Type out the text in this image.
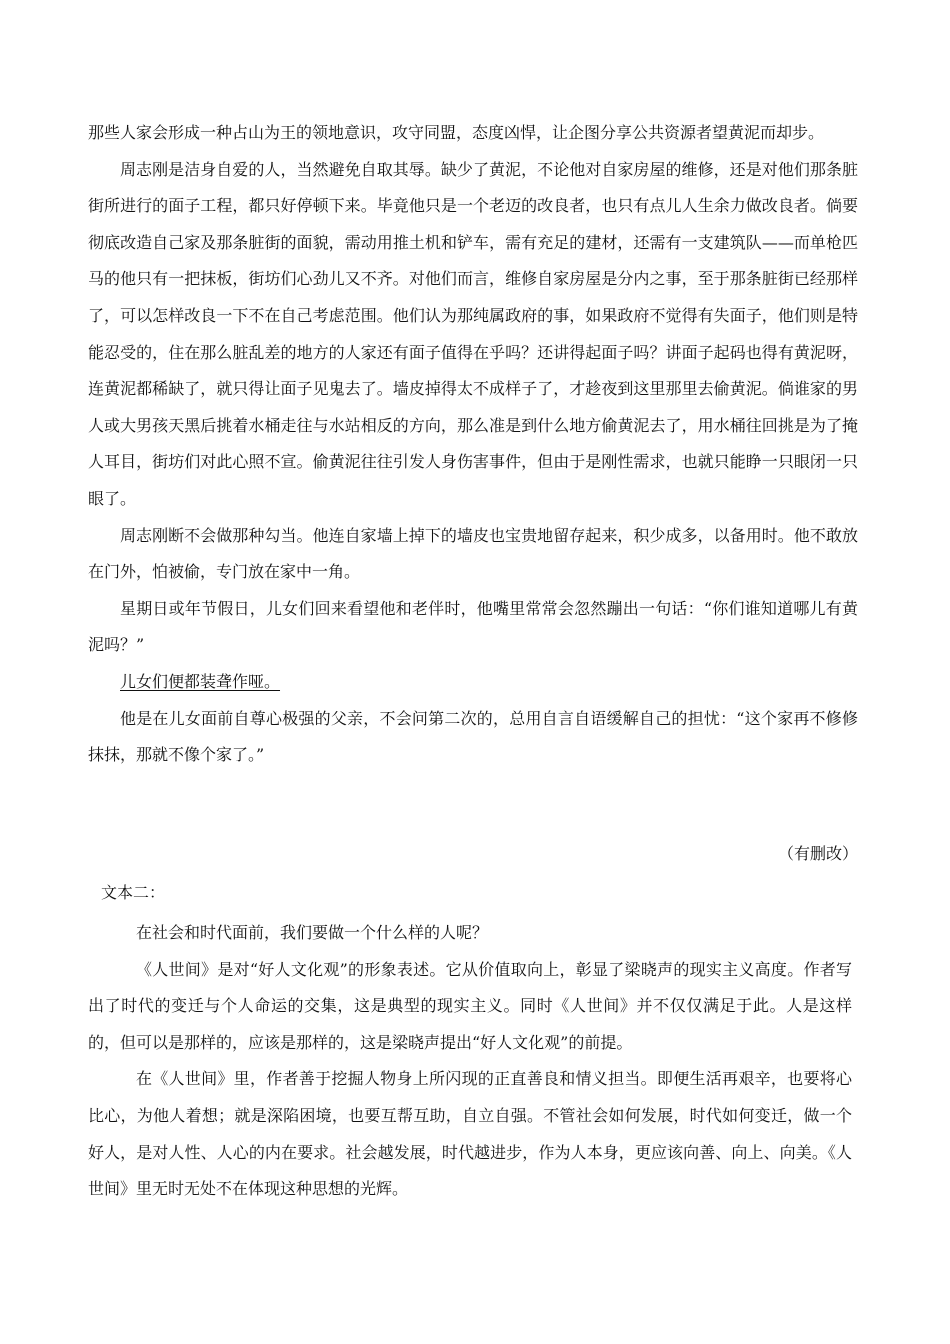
那些人家会形成一种占山为王的领地意识，攻守同盟，态度凶悍，让企图分享公共资源者望黄泥而却步。

周志刚是洁身自爱的人，当然避免自取其辱。缺少了黄泥，不论他对自家房屋的维修，还是对他们那条脏街所进行的面子工程，都只好停顿下来。毕竟他只是一个老迈的改良者，也只有点儿人生余力做改良者。倘要彻底改造自己家及那条脏街的面貌，需动用推土机和铲车，需有充足的建材，还需有一支建筑队——而单枪匹马的他只有一把抹板，街坊们心劲儿又不齐。对他们而言，维修自家房屋是分内之事，至于那条脏街已经那样了，可以怎样改良一下不在自己考虑范围。他们认为那纯属政府的事，如果政府不觉得有失面子，他们则是特能忍受的，住在那么脏乱差的地方的人家还有面子值得在乎吗？还讲得起面子吗？讲面子起码也得有黄泥呀，连黄泥都稀缺了，就只得让面子见鬼去了。墙皮掉得太不成样子了，才趁夜到这里那里去偷黄泥。倘谁家的男人或大男孩天黑后挑着水桶走往与水站相反的方向，那么准是到什么地方偷黄泥去了，用水桶往回挑是为了掩人耳目，街坊们对此心照不宣。偷黄泥往往引发人身伤害事件，但由于是刚性需求，也就只能睁一只眼闭一只眼了。

周志刚断不会做那种勾当。他连自家墙上掉下的墙皮也宝贵地留存起来，积少成多，以备用时。他不敢放在门外，怕被偷，专门放在家中一角。

星期日或年节假日，儿女们回来看望他和老伴时，他嘴里常常会忽然蹦出一句话：“你们谁知道哪儿有黄泥吗？”

儿女们便都装聋作哑。

他是在儿女面前自尊心极强的父亲，不会问第二次的，总用自言自语缓解自己的担忧：“这个家再不修修抹抹，那就不像个家了。”

（有删改）
文本二：

在社会和时代面前，我们要做一个什么样的人呢？

《人世间》是对“好人文化观”的形象表述。它从价值取向上，彰显了梁晓声的现实主义高度。作者写出了时代的变迁与个人命运的交集，这是典型的现实主义。同时《人世间》并不仅仅满足于此。人是这样的，但可以是那样的，应该是那样的，这是梁晓声提出“好人文化观”的前提。

在《人世间》里，作者善于挖掘人物身上所闪现的正直善良和情义担当。即便生活再艰辛，也要将心比心，为他人着想；就是深陷困境，也要互帮互助，自立自强。不管社会如何发展，时代如何变迁，做一个好人，是对人性、人心的内在要求。社会越发展，时代越进步，作为人本身，更应该向善、向上、向美。《人世间》里无时无处不在体现这种思想的光辉。
